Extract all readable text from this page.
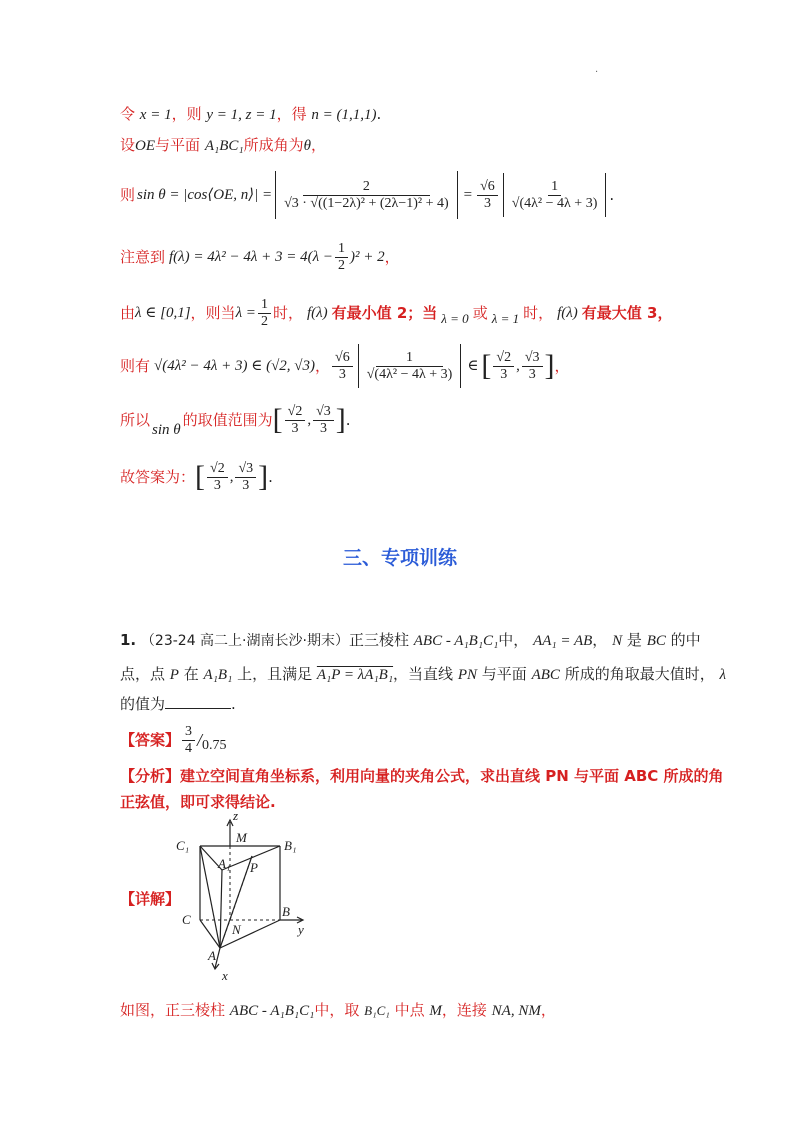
.
令 x = 1，则 y = 1, z = 1，得 n = (1,1,1).
设OE与平面 A₁BC₁所成角为θ，
则 sin θ = |cos⟨OE, n⟩| = $\frac{2}{\text{√3 · √((1−2λ)² + (2λ−1)² + 4)}} = \frac{√6}{3} \frac{1}{\text{√(4λ² − 4λ + 3)}}$ .
注意到 $f(\lambda) = 4\lambda^2 - 4\lambda + 3 = 4(\lambda - \frac{1}{2} )^2 + 2$ ，
由 λ ∈ [0,1] ，则当 $\lambda = \frac{1}{2}$ 时， f(λ) 有最小值 2；当 λ = 0 或 λ = 1 时， f(λ) 有最大值 3，
则有 √(4λ² − 4λ + 3) ∈ (√2, √3) ， $\frac{√6}{3} \frac{1}{\text{√(4λ² − 4λ + 3)}}$ ∈ [ $\frac{√2}{3}$ , $\frac{√3}{3}$ ] ，
所以
sin θ
的取值范围为 [ $\frac{√2}{3}$ , $\frac{√3}{3}$ ] .
故答案为： [ $\frac{√2}{3}$ , $\frac{√3}{3}$ ] .
三、专项训练
1. （23-24 高二上·湖南长沙·期末）正三棱柱 ABC - A₁B₁C₁中， AA₁ = AB， N 是 BC 的中
点，点 P 在 A₁B₁ 上，且满足 A₁P = λA₁B₁，当直线 PN 与平面 ABC 所成的角取最大值时， λ
的值为	.
【答案】 $\frac{3}{4} / 0.75$
【分析】建立空间直角坐标系，利用向量的夹角公式，求出直线 PN 与平面 ABC 所成的角
正弦值，即可求得结论.
【详解】
z
M
C₁	B₁
A₁ P
C
B
N	y
A
x
如图，正三棱柱 ABC - A₁B₁C₁中，取 B₁C₁ 中点 M，连接 NA, NM，
